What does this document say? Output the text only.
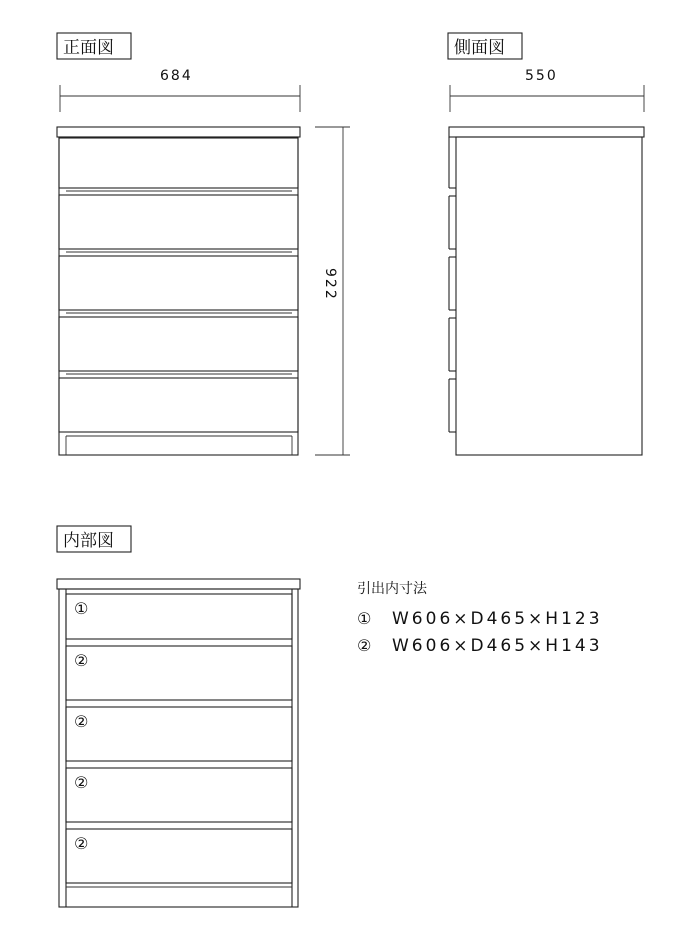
正面図
684
922
側面図
550
内部図
①
②
②
②
②
引出内寸法
① W606×D465×H123
② W606×D465×H143
